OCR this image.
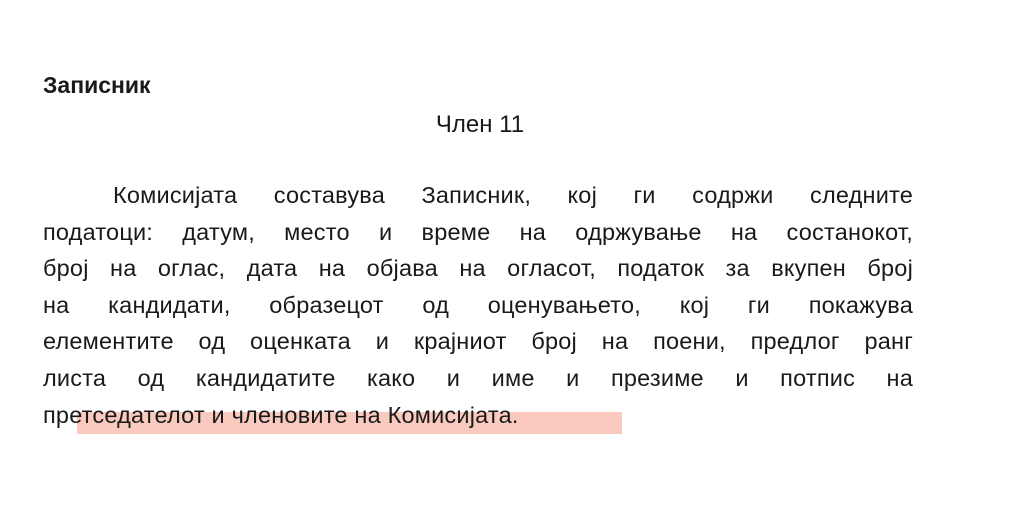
Записник
Член 11

Комисијата составува Записник, кој ги содржи следните
податоци: датум, место и време на одржување на состанокот,
број на оглас, дата на објава на огласот, податок за вкупен број
на кандидати, образецот од оценувањето, кој ги покажува
елементите од оценката и крајниот број на поени, предлог ранг
листа од кандидатите како и име и презиме и потпис на
претседателот и членовите на Комисијата.
